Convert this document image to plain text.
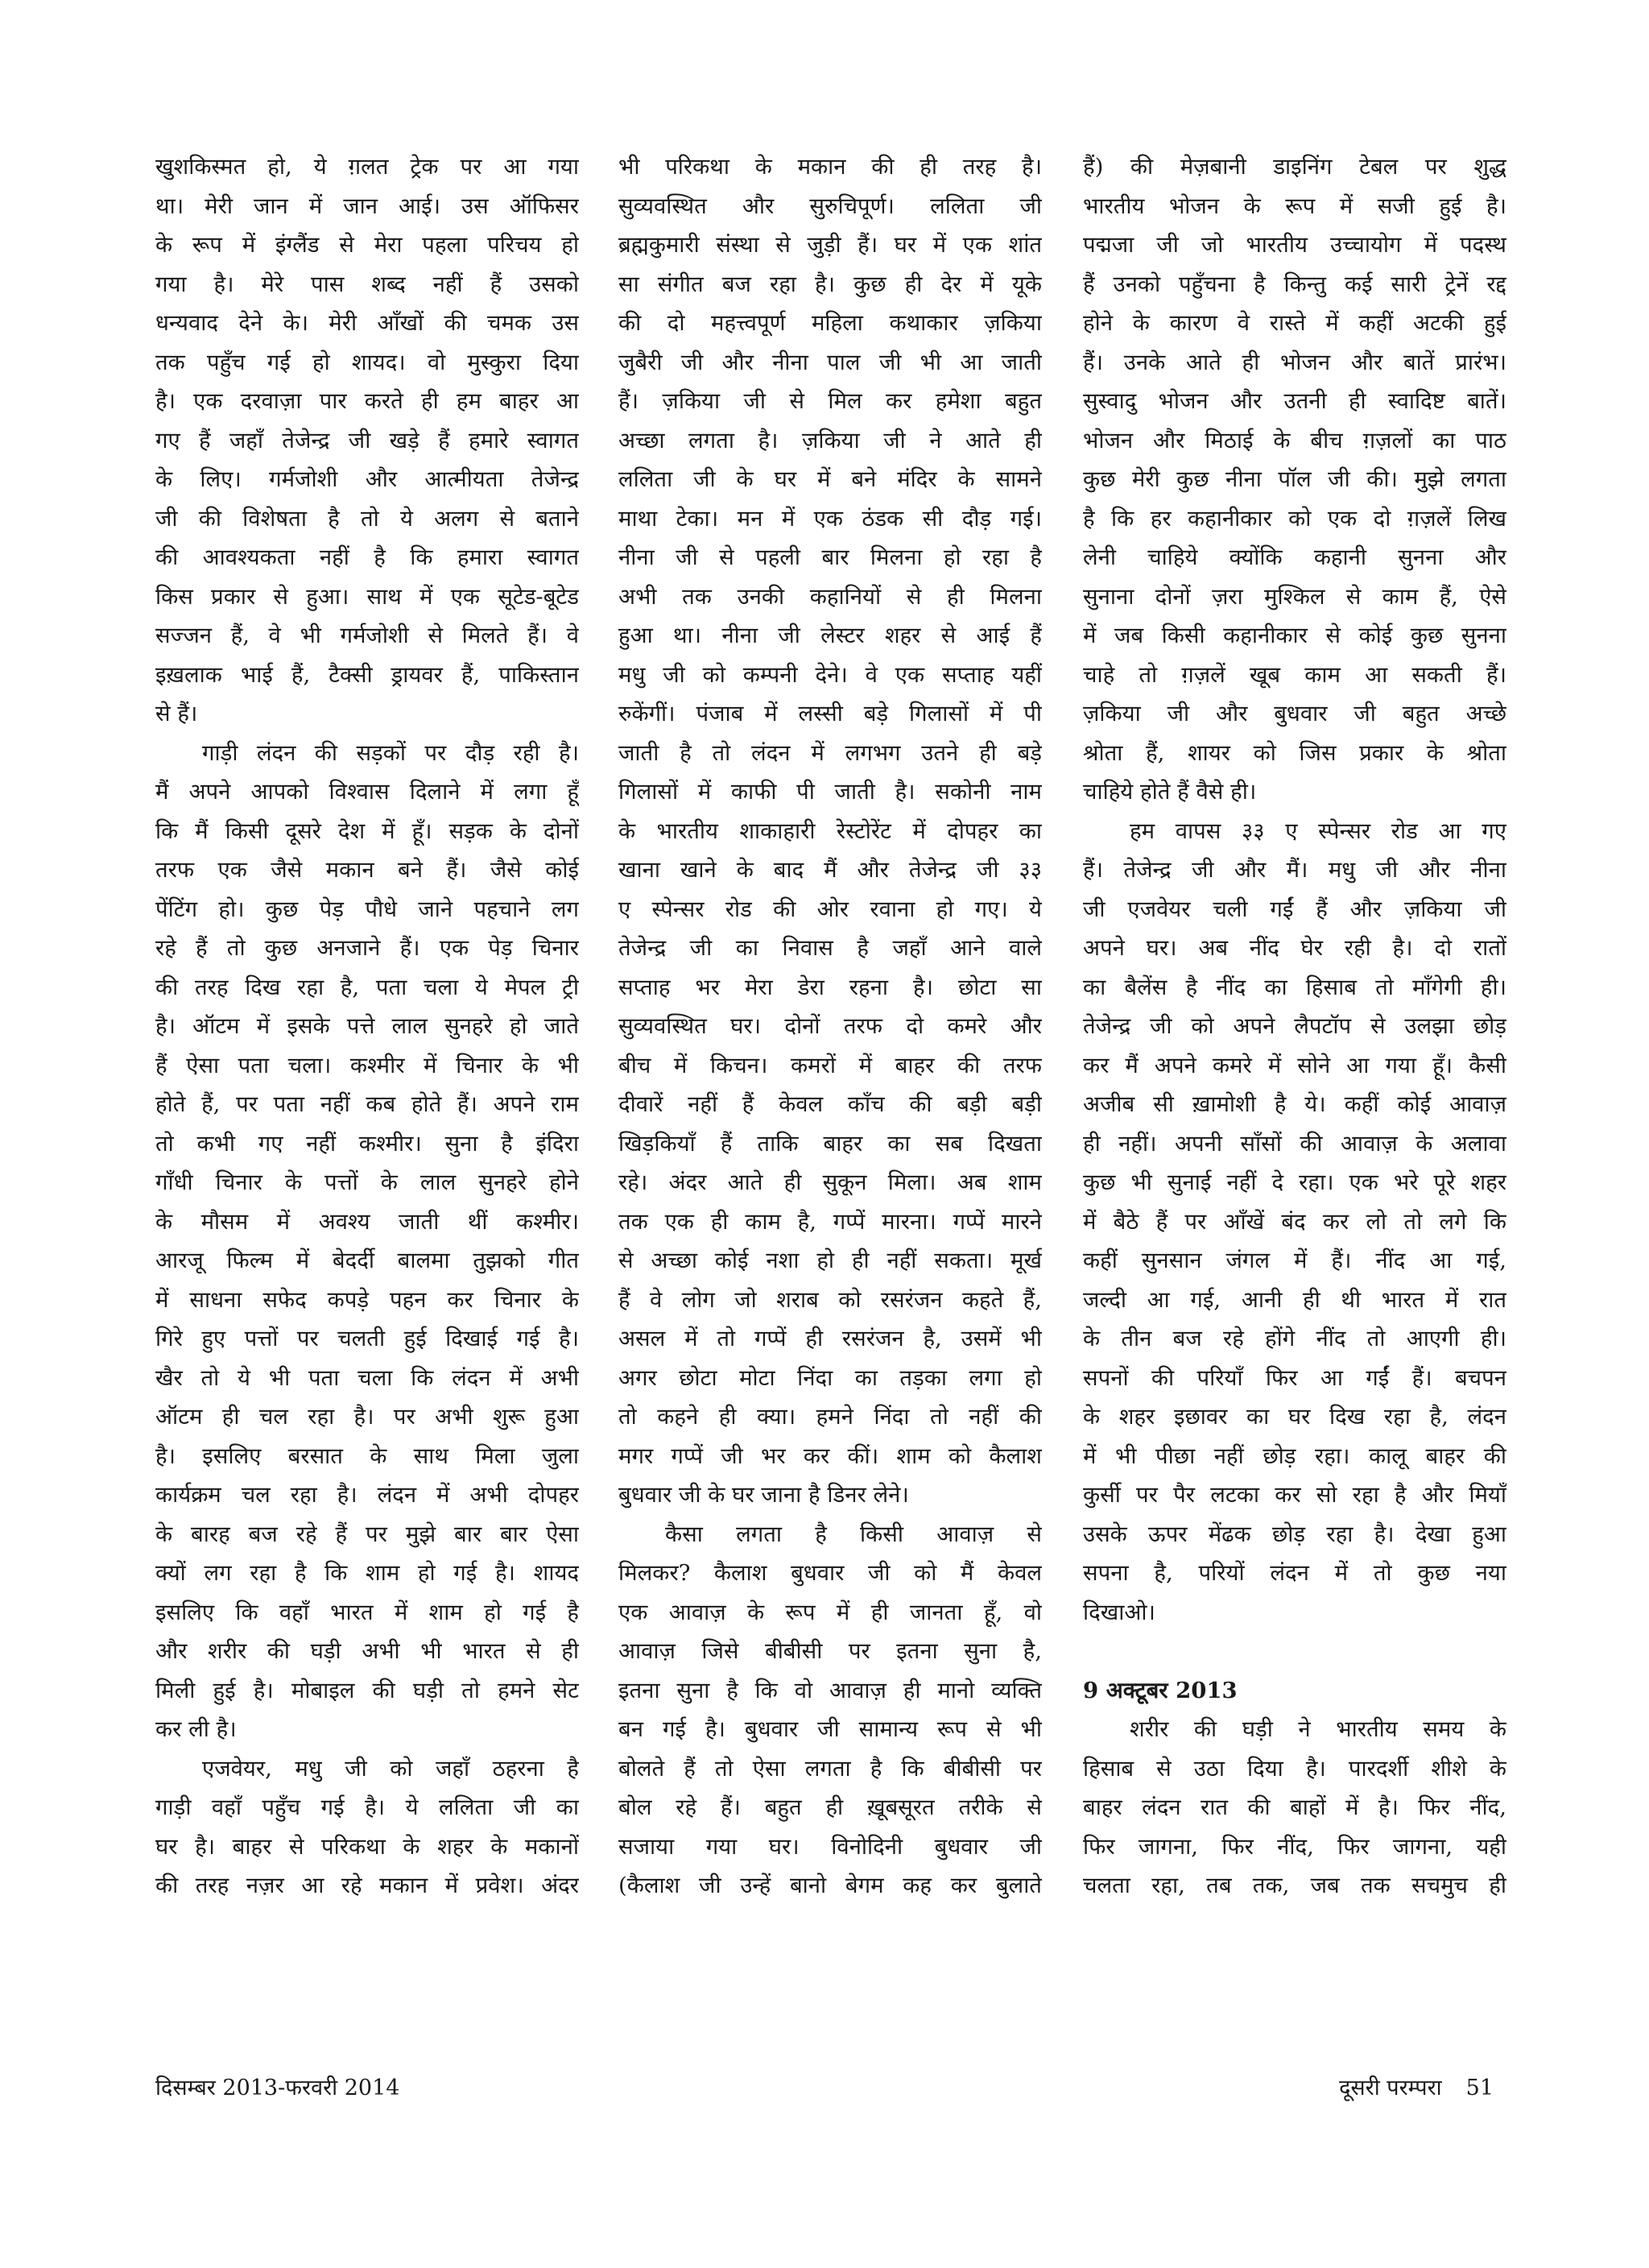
खुशकिस्मत हो, ये ग़लत ट्रेक पर आ गया
था। मेरी जान में जान आई। उस ऑफिसर
के रूप में इंग्लैंड से मेरा पहला परिचय हो
गया है। मेरे पास शब्द नहीं हैं उसको
धन्यवाद देने के। मेरी आँखों की चमक उस
तक पहुँच गई हो शायद। वो मुस्कुरा दिया
है। एक दरवाज़ा पार करते ही हम बाहर आ
गए हैं जहाँ तेजेन्द्र जी खड़े हैं हमारे स्वागत
के लिए। गर्मजोशी और आत्मीयता तेजेन्द्र
जी की विशेषता है तो ये अलग से बताने
की आवश्यकता नहीं है कि हमारा स्वागत
किस प्रकार से हुआ। साथ में एक सूटेड-बूटेड
सज्जन हैं, वे भी गर्मजोशी से मिलते हैं। वे
इख़लाक भाई हैं, टैक्सी ड्रायवर हैं, पाकिस्तान
से हैं।
गाड़ी लंदन की सड़कों पर दौड़ रही है।
मैं अपने आपको विश्वास दिलाने में लगा हूँ
कि मैं किसी दूसरे देश में हूँ। सड़क के दोनों
तरफ एक जैसे मकान बने हैं। जैसे कोई
पेंटिंग हो। कुछ पेड़ पौधे जाने पहचाने लग
रहे हैं तो कुछ अनजाने हैं। एक पेड़ चिनार
की तरह दिख रहा है, पता चला ये मेपल ट्री
है। ऑटम में इसके पत्ते लाल सुनहरे हो जाते
हैं ऐसा पता चला। कश्मीर में चिनार के भी
होते हैं, पर पता नहीं कब होते हैं। अपने राम
तो कभी गए नहीं कश्मीर। सुना है इंदिरा
गाँधी चिनार के पत्तों के लाल सुनहरे होने
के मौसम में अवश्य जाती थीं कश्मीर।
आरजू फिल्म में बेदर्दी बालमा तुझको गीत
में साधना सफेद कपड़े पहन कर चिनार के
गिरे हुए पत्तों पर चलती हुई दिखाई गई है।
खैर तो ये भी पता चला कि लंदन में अभी
ऑटम ही चल रहा है। पर अभी शुरू हुआ
है। इसलिए बरसात के साथ मिला जुला
कार्यक्रम चल रहा है। लंदन में अभी दोपहर
के बारह बज रहे हैं पर मुझे बार बार ऐसा
क्यों लग रहा है कि शाम हो गई है। शायद
इसलिए कि वहाँ भारत में शाम हो गई है
और शरीर की घड़ी अभी भी भारत से ही
मिली हुई है। मोबाइल की घड़ी तो हमने सेट
कर ली है।
एजवेयर, मधु जी को जहाँ ठहरना है
गाड़ी वहाँ पहुँच गई है। ये ललिता जी का
घर है। बाहर से परिकथा के शहर के मकानों
की तरह नज़र आ रहे मकान में प्रवेश। अंदर
भी परिकथा के मकान की ही तरह है।
सुव्यवस्थित और सुरुचिपूर्ण। ललिता जी
ब्रह्मकुमारी संस्था से जुड़ी हैं। घर में एक शांत
सा संगीत बज रहा है। कुछ ही देर में यूके
की दो महत्त्वपूर्ण महिला कथाकार ज़किया
जुबैरी जी और नीना पाल जी भी आ जाती
हैं। ज़किया जी से मिल कर हमेशा बहुत
अच्छा लगता है। ज़किया जी ने आते ही
ललिता जी के घर में बने मंदिर के सामने
माथा टेका। मन में एक ठंडक सी दौड़ गई।
नीना जी से पहली बार मिलना हो रहा है
अभी तक उनकी कहानियों से ही मिलना
हुआ था। नीना जी लेस्टर शहर से आई हैं
मधु जी को कम्पनी देने। वे एक सप्ताह यहीं
रुकेंगीं। पंजाब में लस्सी बड़े गिलासों में पी
जाती है तो लंदन में लगभग उतने ही बड़े
गिलासों में काफी पी जाती है। सकोनी नाम
के भारतीय शाकाहारी रेस्टोरेंट में दोपहर का
खाना खाने के बाद मैं और तेजेन्द्र जी ३३
ए स्पेन्सर रोड की ओर रवाना हो गए। ये
तेजेन्द्र जी का निवास है जहाँ आने वाले
सप्ताह भर मेरा डेरा रहना है। छोटा सा
सुव्यवस्थित घर। दोनों तरफ दो कमरे और
बीच में किचन। कमरों में बाहर की तरफ
दीवारें नहीं हैं केवल काँच की बड़ी बड़ी
खिड़कियाँ हैं ताकि बाहर का सब दिखता
रहे। अंदर आते ही सुकून मिला। अब शाम
तक एक ही काम है, गप्पें मारना। गप्पें मारने
से अच्छा कोई नशा हो ही नहीं सकता। मूर्ख
हैं वे लोग जो शराब को रसरंजन कहते हैं,
असल में तो गप्पें ही रसरंजन है, उसमें भी
अगर छोटा मोटा निंदा का तड़का लगा हो
तो कहने ही क्या। हमने निंदा तो नहीं की
मगर गप्पें जी भर कर कीं। शाम को कैलाश
बुधवार जी के घर जाना है डिनर लेने।
कैसा लगता है किसी आवाज़ से
मिलकर? कैलाश बुधवार जी को मैं केवल
एक आवाज़ के रूप में ही जानता हूँ, वो
आवाज़ जिसे बीबीसी पर इतना सुना है,
इतना सुना है कि वो आवाज़ ही मानो व्यक्ति
बन गई है। बुधवार जी सामान्य रूप से भी
बोलते हैं तो ऐसा लगता है कि बीबीसी पर
बोल रहे हैं। बहुत ही ख़ूबसूरत तरीके से
सजाया गया घर। विनोदिनी बुधवार जी
(कैलाश जी उन्हें बानो बेगम कह कर बुलाते
हैं) की मेज़बानी डाइनिंग टेबल पर शुद्ध
भारतीय भोजन के रूप में सजी हुई है।
पद्मजा जी जो भारतीय उच्चायोग में पदस्थ
हैं उनको पहुँचना है किन्तु कई सारी ट्रेनें रद्द
होने के कारण वे रास्ते में कहीं अटकी हुई
हैं। उनके आते ही भोजन और बातें प्रारंभ।
सुस्वादु भोजन और उतनी ही स्वादिष्ट बातें।
भोजन और मिठाई के बीच ग़ज़लों का पाठ
कुछ मेरी कुछ नीना पॉल जी की। मुझे लगता
है कि हर कहानीकार को एक दो ग़ज़लें लिख
लेनी चाहिये क्योंकि कहानी सुनना और
सुनाना दोनों ज़रा मुश्किल से काम हैं, ऐसे
में जब किसी कहानीकार से कोई कुछ सुनना
चाहे तो ग़ज़लें खूब काम आ सकती हैं।
ज़किया जी और बुधवार जी बहुत अच्छे
श्रोता हैं, शायर को जिस प्रकार के श्रोता
चाहिये होते हैं वैसे ही।
हम वापस ३३ ए स्पेन्सर रोड आ गए
हैं। तेजेन्द्र जी और मैं। मधु जी और नीना
जी एजवेयर चली गईं हैं और ज़किया जी
अपने घर। अब नींद घेर रही है। दो रातों
का बैलेंस है नींद का हिसाब तो माँगेगी ही।
तेजेन्द्र जी को अपने लैपटॉप से उलझा छोड़
कर मैं अपने कमरे में सोने आ गया हूँ। कैसी
अजीब सी ख़ामोशी है ये। कहीं कोई आवाज़
ही नहीं। अपनी साँसों की आवाज़ के अलावा
कुछ भी सुनाई नहीं दे रहा। एक भरे पूरे शहर
में बैठे हैं पर आँखें बंद कर लो तो लगे कि
कहीं सुनसान जंगल में हैं। नींद आ गई,
जल्दी आ गई, आनी ही थी भारत में रात
के तीन बज रहे होंगे नींद तो आएगी ही।
सपनों की परियाँ फिर आ गईं हैं। बचपन
के शहर इछावर का घर दिख रहा है, लंदन
में भी पीछा नहीं छोड़ रहा। कालू बाहर की
कुर्सी पर पैर लटका कर सो रहा है और मियाँ
उसके ऊपर मेंढक छोड़ रहा है। देखा हुआ
सपना है, परियों लंदन में तो कुछ नया
दिखाओ।
9 अक्टूबर 2013
शरीर की घड़ी ने भारतीय समय के
हिसाब से उठा दिया है। पारदर्शी शीशे के
बाहर लंदन रात की बाहों में है। फिर नींद,
फिर जागना, फिर नींद, फिर जागना, यही
चलता रहा, तब तक, जब तक सचमुच ही
दिसम्बर 2013-फरवरी 2014	दूसरी परम्परा 51
